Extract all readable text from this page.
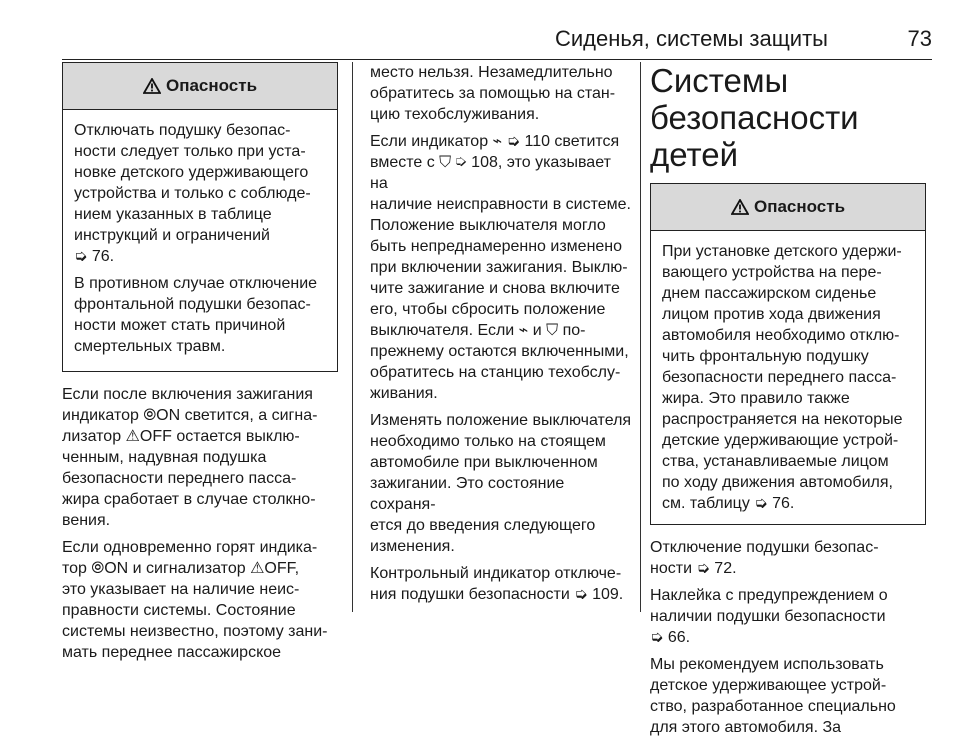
Сиденья, системы защиты	73
Опасность

Отключать подушку безопас-
ности следует только при уста-
новке детского удерживающего
устройства и только с соблюде-
нием указанных в таблице
инструкций и ограничений
➭ 76.

В противном случае отключение
фронтальной подушки безопас-
ности может стать причиной
смертельных травм.

Если после включения зажигания
индикатор ⦾ON светится, а сигна-
лизатор ⚠OFF остается выклю-
ченным, надувная подушка
безопасности переднего пасса-
жира сработает в случае столкно-
вения.

Если одновременно горят индика-
тор ⦾ON и сигнализатор ⚠OFF,
это указывает на наличие неис-
правности системы. Состояние
системы неизвестно, поэтому зани-
мать переднее пассажирское

место нельзя. Незамедлительно
обратитесь за помощью на стан-
цию техобслуживания.

Если индикатор ⌁ ➭ 110 светится
вместе с ⛉ ➭ 108, это указывает на
наличие неисправности в системе.
Положение выключателя могло
быть непреднамеренно изменено
при включении зажигания. Выклю-
чите зажигание и снова включите
его, чтобы сбросить положение
выключателя. Если ⌁ и ⛉ по-
прежнему остаются включенными,
обратитесь на станцию техобслу-
живания.

Изменять положение выключателя
необходимо только на стоящем
автомобиле при выключенном
зажигании. Это состояние сохраня-
ется до введения следующего
изменения.

Контрольный индикатор отключе-
ния подушки безопасности ➭ 109.

Системы
безопасности детей
Опасность

При установке детского удержи-
вающего устройства на пере-
днем пассажирском сиденье
лицом против хода движения
автомобиля необходимо отклю-
чить фронтальную подушку
безопасности переднего пасса-
жира. Это правило также
распространяется на некоторые
детские удерживающие устрой-
ства, устанавливаемые лицом
по ходу движения автомобиля,
см. таблицу ➭ 76.

Отключение подушки безопас-
ности ➭ 72.

Наклейка с предупреждением о
наличии подушки безопасности
➭ 66.

Мы рекомендуем использовать
детское удерживающее устрой-
ство, разработанное специально
для этого автомобиля. За
